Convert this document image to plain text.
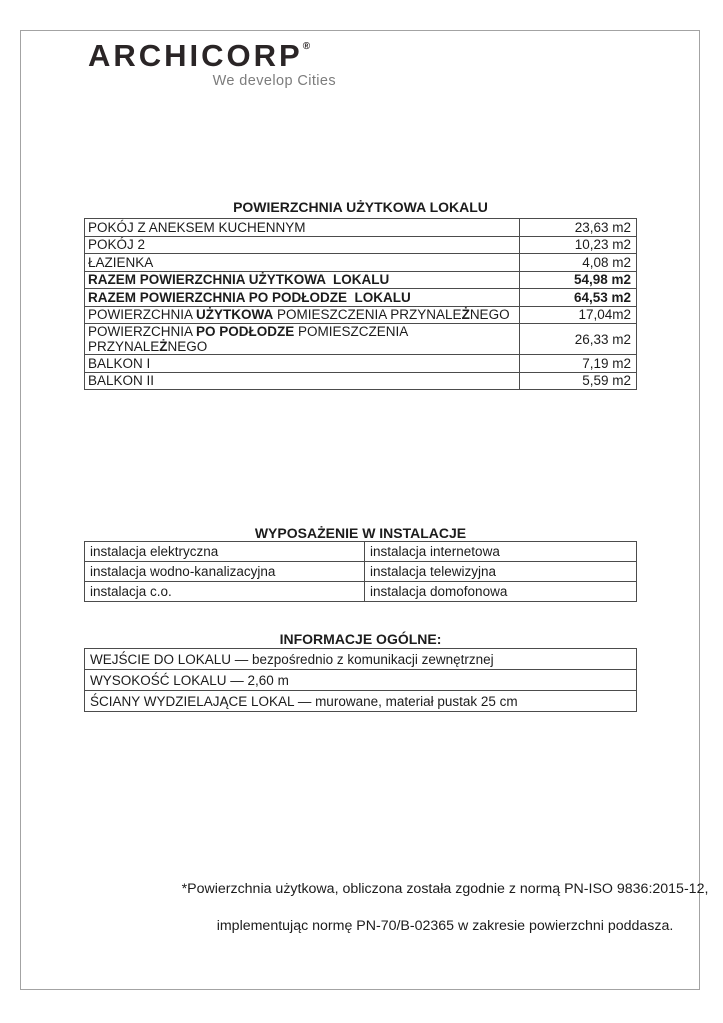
ARCHICORP®
We develop Cities
POWIERZCHNIA UŻYTKOWA LOKALU
POKÓJ Z ANEKSEM KUCHENNYM	23,63 m2
POKÓJ 2	10,23 m2
ŁAZIENKA	4,08 m2
RAZEM POWIERZCHNIA UŻYTKOWA  LOKALU	54,98 m2
RAZEM POWIERZCHNIA PO PODŁODZE  LOKALU	64,53 m2
POWIERZCHNIA UŻYTKOWA POMIESZCZENIA PRZYNALEŻNEGO	17,04m2
POWIERZCHNIA PO PODŁODZE POMIESZCZENIA PRZYNALEŻNEGO	26,33 m2
BALKON I	7,19 m2
BALKON II	5,59 m2
WYPOSAŻENIE W INSTALACJE
instalacja elektryczna	instalacja internetowa
instalacja wodno-kanalizacyjna	instalacja telewizyjna
instalacja c.o.	instalacja domofonowa
INFORMACJE OGÓLNE:
WEJŚCIE DO LOKALU — bezpośrednio z komunikacji zewnętrznej
WYSOKOŚĆ LOKALU — 2,60 m
ŚCIANY WYDZIELAJĄCE LOKAL — murowane, materiał pustak 25 cm
*Powierzchnia użytkowa, obliczona została zgodnie z normą PN-ISO 9836:2015-12,
implementując normę PN-70/B-02365 w zakresie powierzchni poddasza.
